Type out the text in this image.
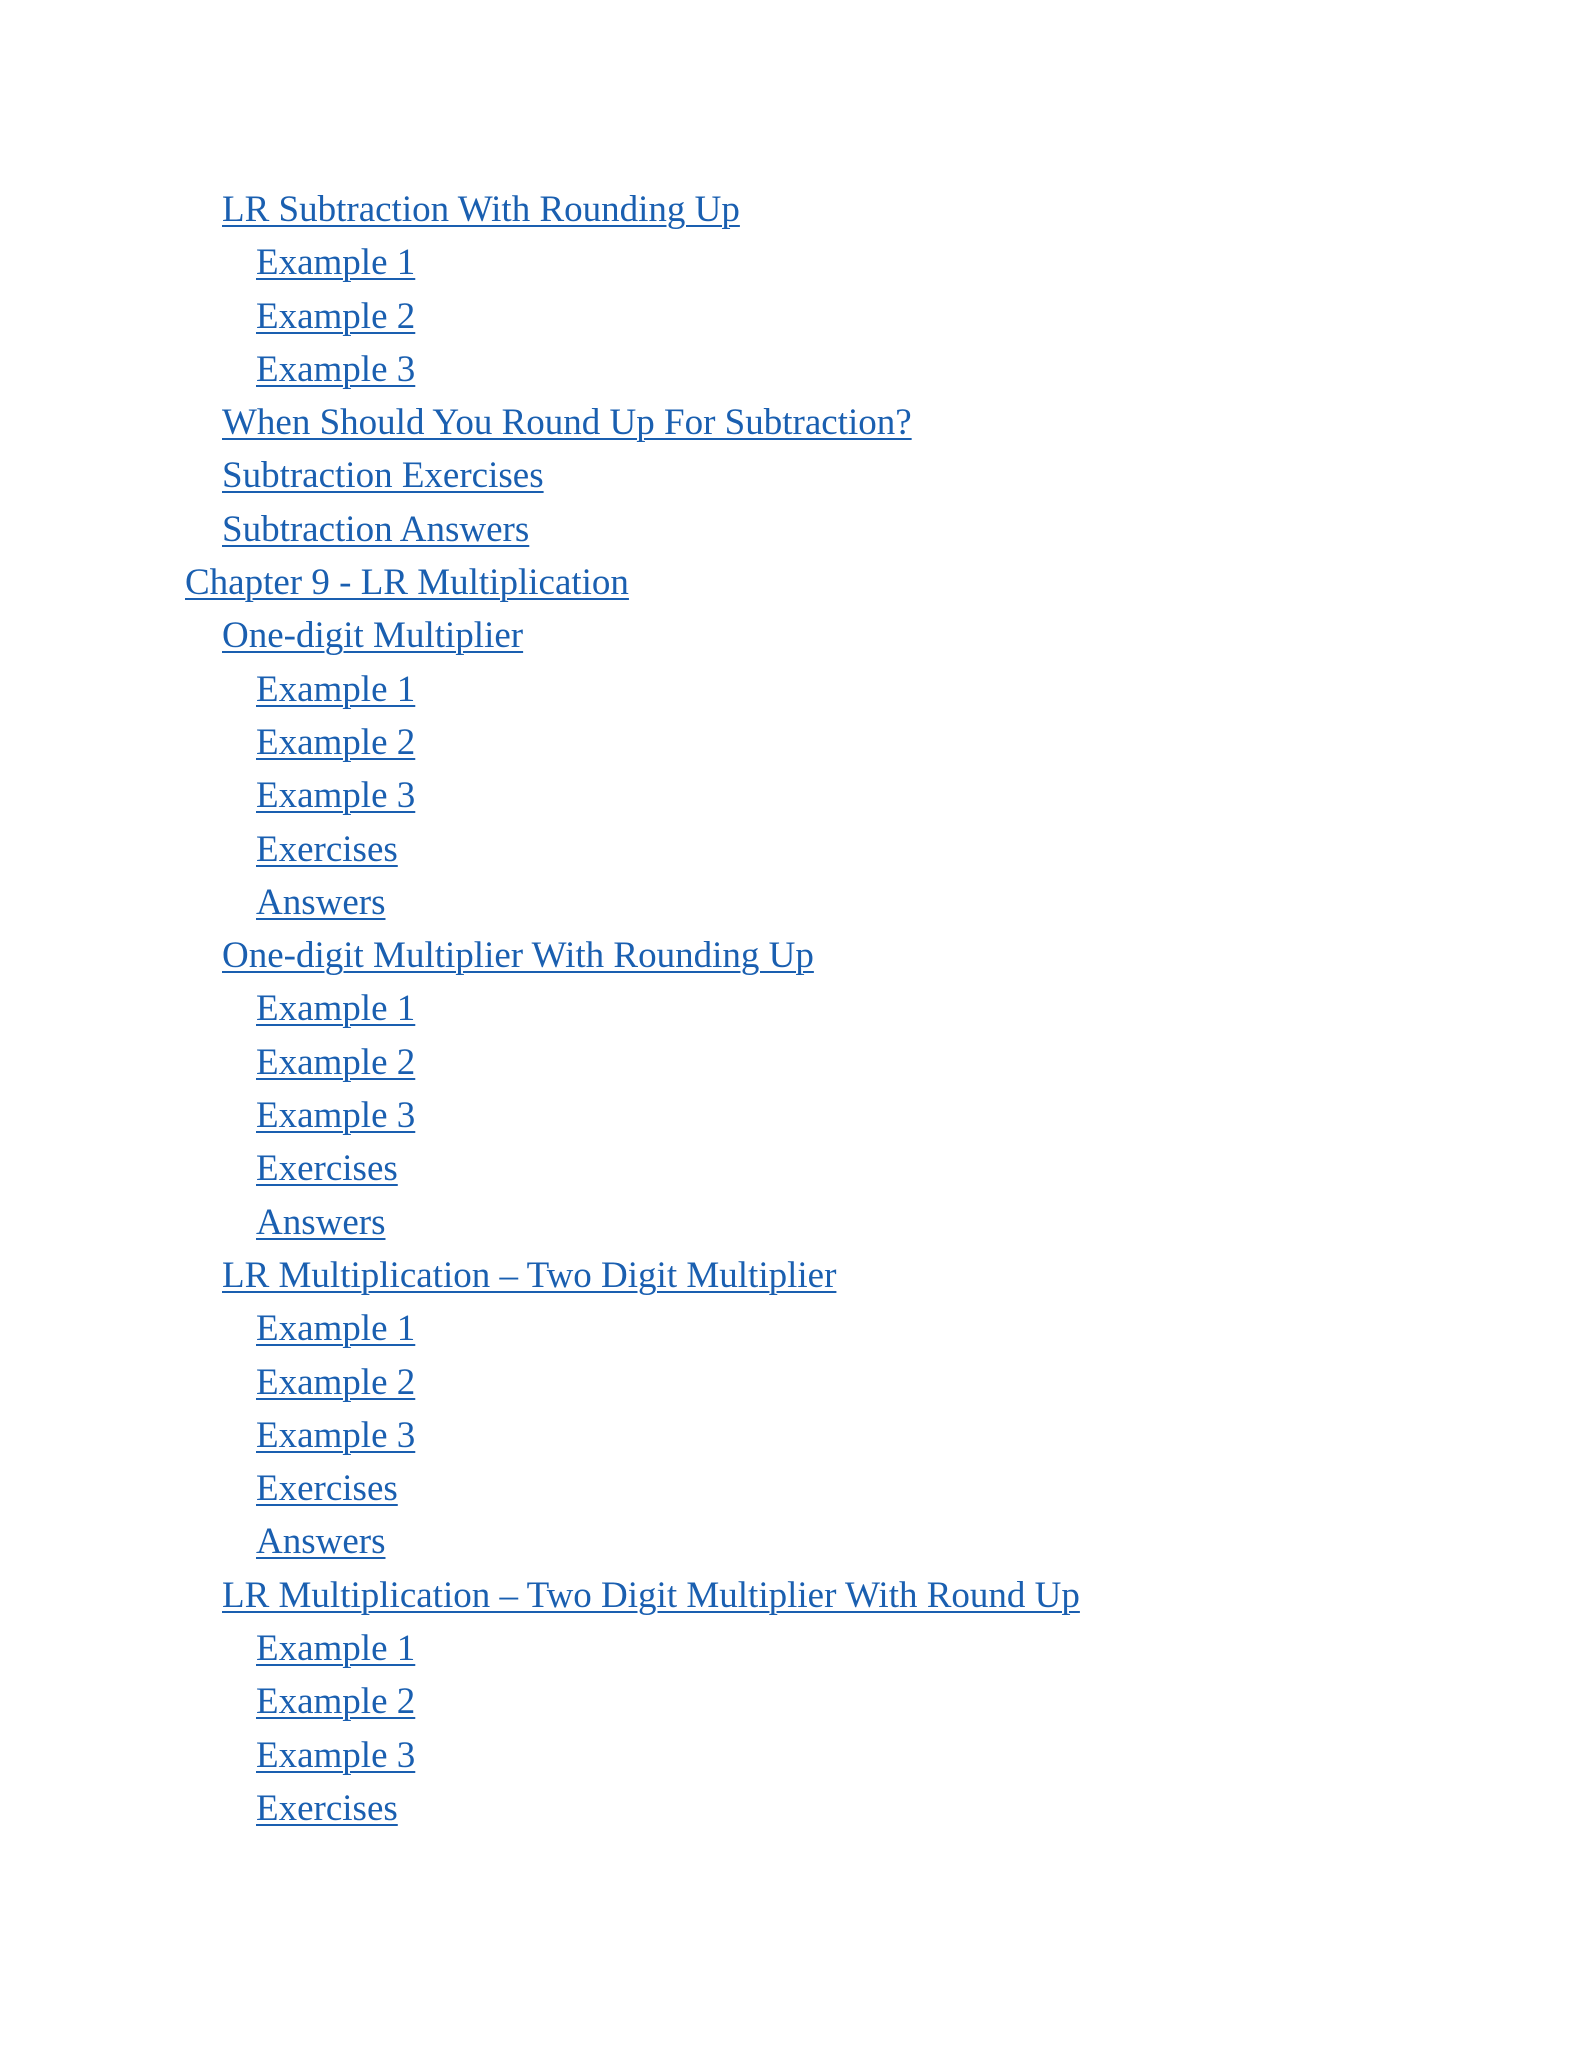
LR Subtraction With Rounding Up
Example 1
Example 2
Example 3
When Should You Round Up For Subtraction?
Subtraction Exercises
Subtraction Answers
Chapter 9 - LR Multiplication
One-digit Multiplier
Example 1
Example 2
Example 3
Exercises
Answers
One-digit Multiplier With Rounding Up
Example 1
Example 2
Example 3
Exercises
Answers
LR Multiplication – Two Digit Multiplier
Example 1
Example 2
Example 3
Exercises
Answers
LR Multiplication – Two Digit Multiplier With Round Up
Example 1
Example 2
Example 3
Exercises
